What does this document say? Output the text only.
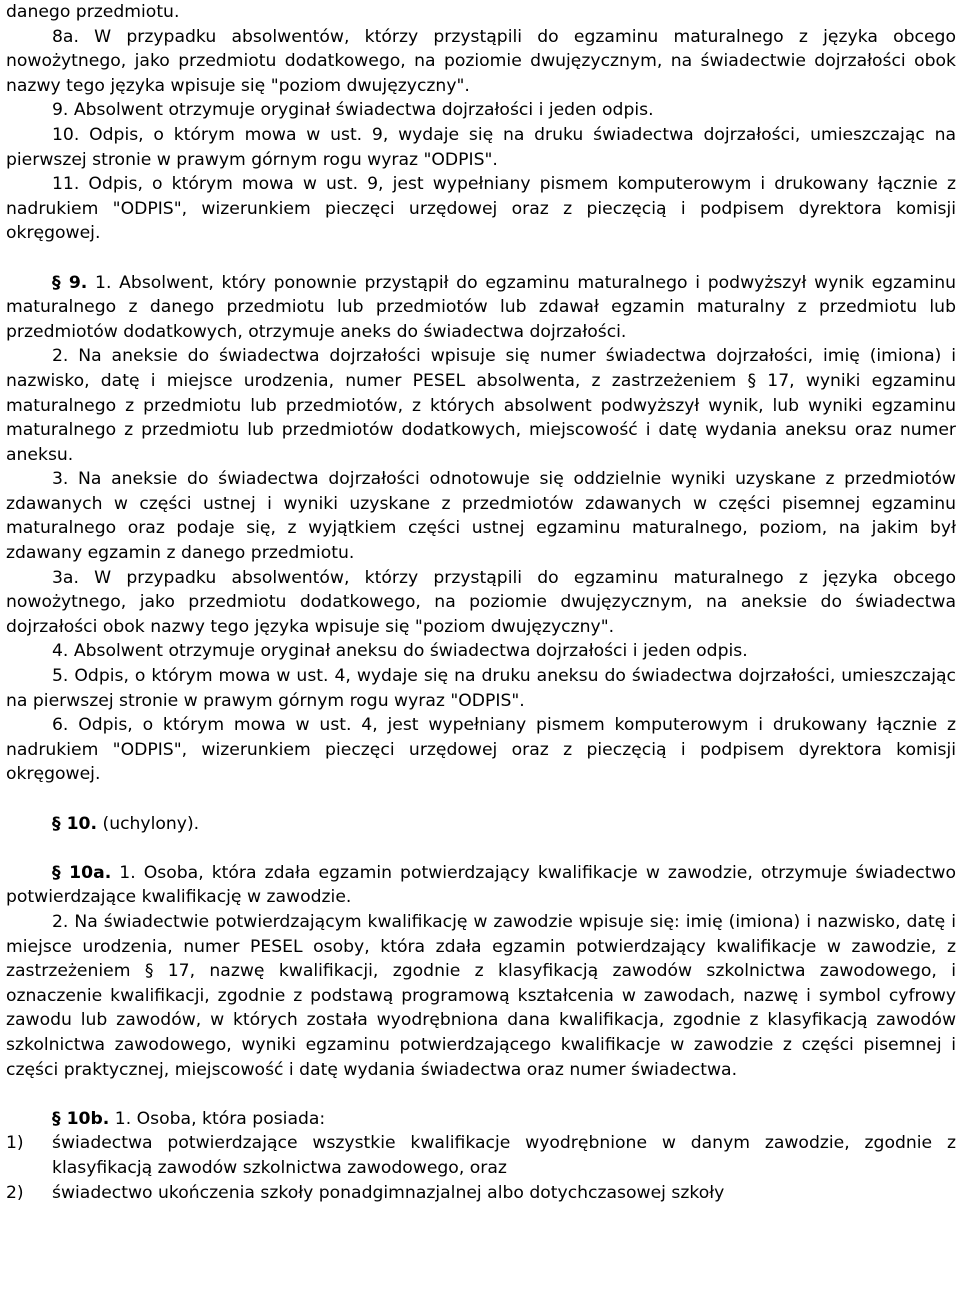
danego przedmiotu.

8a. W przypadku absolwentów, którzy przystąpili do egzaminu maturalnego z języka obcego nowożytnego, jako przedmiotu dodatkowego, na poziomie dwujęzycznym, na świadectwie dojrzałości obok nazwy tego języka wpisuje się "poziom dwujęzyczny".

9. Absolwent otrzymuje oryginał świadectwa dojrzałości i jeden odpis.

10. Odpis, o którym mowa w ust. 9, wydaje się na druku świadectwa dojrzałości, umieszczając na pierwszej stronie w prawym górnym rogu wyraz "ODPIS".

11. Odpis, o którym mowa w ust. 9, jest wypełniany pismem komputerowym i drukowany łącznie z nadrukiem "ODPIS", wizerunkiem pieczęci urzędowej oraz z pieczęcią i podpisem dyrektora komisji okręgowej.

§ 9. 1. Absolwent, który ponownie przystąpił do egzaminu maturalnego i podwyższył wynik egzaminu maturalnego z danego przedmiotu lub przedmiotów lub zdawał egzamin maturalny z przedmiotu lub przedmiotów dodatkowych, otrzymuje aneks do świadectwa dojrzałości.

2. Na aneksie do świadectwa dojrzałości wpisuje się numer świadectwa dojrzałości, imię (imiona) i nazwisko, datę i miejsce urodzenia, numer PESEL absolwenta, z zastrzeżeniem § 17, wyniki egzaminu maturalnego z przedmiotu lub przedmiotów, z których absolwent podwyższył wynik, lub wyniki egzaminu maturalnego z przedmiotu lub przedmiotów dodatkowych, miejscowość i datę wydania aneksu oraz numer aneksu.

3. Na aneksie do świadectwa dojrzałości odnotowuje się oddzielnie wyniki uzyskane z przedmiotów zdawanych w części ustnej i wyniki uzyskane z przedmiotów zdawanych w części pisemnej egzaminu maturalnego oraz podaje się, z wyjątkiem części ustnej egzaminu maturalnego, poziom, na jakim był zdawany egzamin z danego przedmiotu.

3a. W przypadku absolwentów, którzy przystąpili do egzaminu maturalnego z języka obcego nowożytnego, jako przedmiotu dodatkowego, na poziomie dwujęzycznym, na aneksie do świadectwa dojrzałości obok nazwy tego języka wpisuje się "poziom dwujęzyczny".

4. Absolwent otrzymuje oryginał aneksu do świadectwa dojrzałości i jeden odpis.

5. Odpis, o którym mowa w ust. 4, wydaje się na druku aneksu do świadectwa dojrzałości, umieszczając na pierwszej stronie w prawym górnym rogu wyraz "ODPIS".

6. Odpis, o którym mowa w ust. 4, jest wypełniany pismem komputerowym i drukowany łącznie z nadrukiem "ODPIS", wizerunkiem pieczęci urzędowej oraz z pieczęcią i podpisem dyrektora komisji okręgowej.

§ 10. (uchylony).

§ 10a. 1. Osoba, która zdała egzamin potwierdzający kwalifikacje w zawodzie, otrzymuje świadectwo potwierdzające kwalifikację w zawodzie.

2. Na świadectwie potwierdzającym kwalifikację w zawodzie wpisuje się: imię (imiona) i nazwisko, datę i miejsce urodzenia, numer PESEL osoby, która zdała egzamin potwierdzający kwalifikacje w zawodzie, z zastrzeżeniem § 17, nazwę kwalifikacji, zgodnie z klasyfikacją zawodów szkolnictwa zawodowego, i oznaczenie kwalifikacji, zgodnie z podstawą programową kształcenia w zawodach, nazwę i symbol cyfrowy zawodu lub zawodów, w których została wyodrębniona dana kwalifikacja, zgodnie z klasyfikacją zawodów szkolnictwa zawodowego, wyniki egzaminu potwierdzającego kwalifikacje w zawodzie z części pisemnej i części praktycznej, miejscowość i datę wydania świadectwa oraz numer świadectwa.

§ 10b. 1. Osoba, która posiada:

1)	świadectwa potwierdzające wszystkie kwalifikacje wyodrębnione w danym zawodzie, zgodnie z klasyfikacją zawodów szkolnictwa zawodowego, oraz
2)	świadectwo ukończenia szkoły ponadgimnazjalnej albo dotychczasowej szkoły
